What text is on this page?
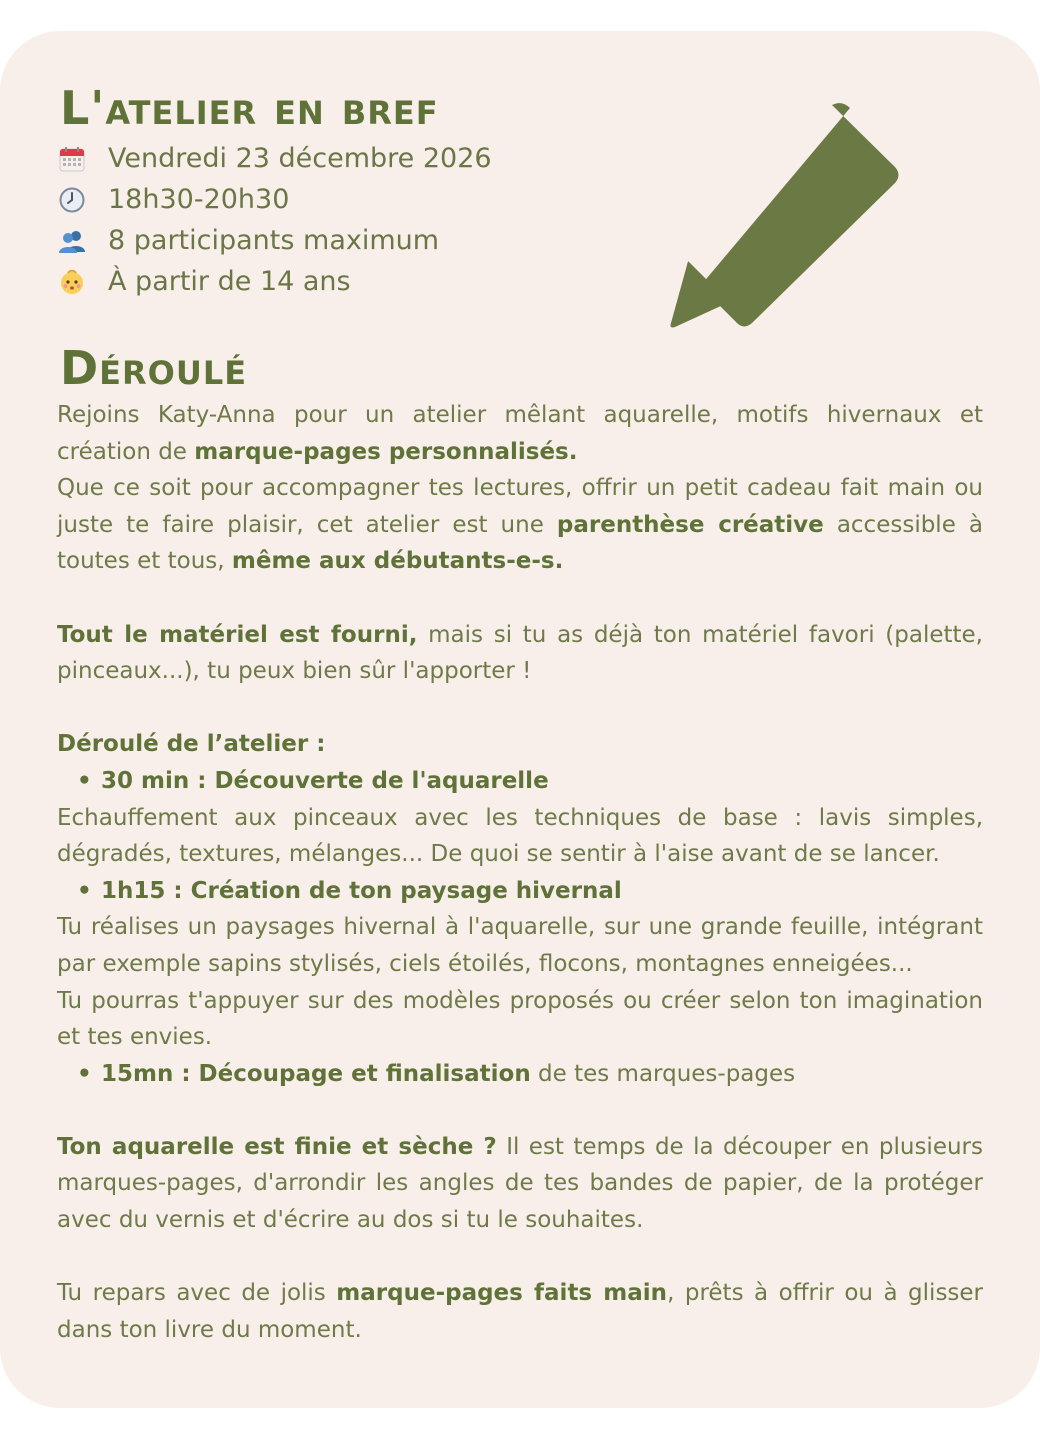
L'atelier en bref
Vendredi 23 décembre 2026
18h30-20h30
8 participants maximum
À partir de 14 ans
Déroulé

Rejoins Katy-Anna pour un atelier mêlant aquarelle, motifs hivernaux et création de marque-pages personnalisés.

Que ce soit pour accompagner tes lectures, offrir un petit cadeau fait main ou juste te faire plaisir, cet atelier est une parenthèse créative accessible à toutes et tous, même aux débutants-e-s.

Tout le matériel est fourni, mais si tu as déjà ton matériel favori (palette, pinceaux...), tu peux bien sûr l'apporter !

Déroulé de l’atelier :

• 30 min : Découverte de l'aquarelle

Echauffement aux pinceaux avec les techniques de base : lavis simples, dégradés, textures, mélanges... De quoi se sentir à l'aise avant de se lancer.

• 1h15 : Création de ton paysage hivernal

Tu réalises un paysages hivernal à l'aquarelle, sur une grande feuille, intégrant par exemple sapins stylisés, ciels étoilés, flocons, montagnes enneigées...

Tu pourras t'appuyer sur des modèles proposés ou créer selon ton imagination et tes envies.

• 15mn : Découpage et finalisation de tes marques-pages

Ton aquarelle est finie et sèche ? Il est temps de la découper en plusieurs marques-pages, d'arrondir les angles de tes bandes de papier, de la protéger avec du vernis et d'écrire au dos si tu le souhaites.

Tu repars avec de jolis marque-pages faits main, prêts à offrir ou à glisser dans ton livre du moment.
